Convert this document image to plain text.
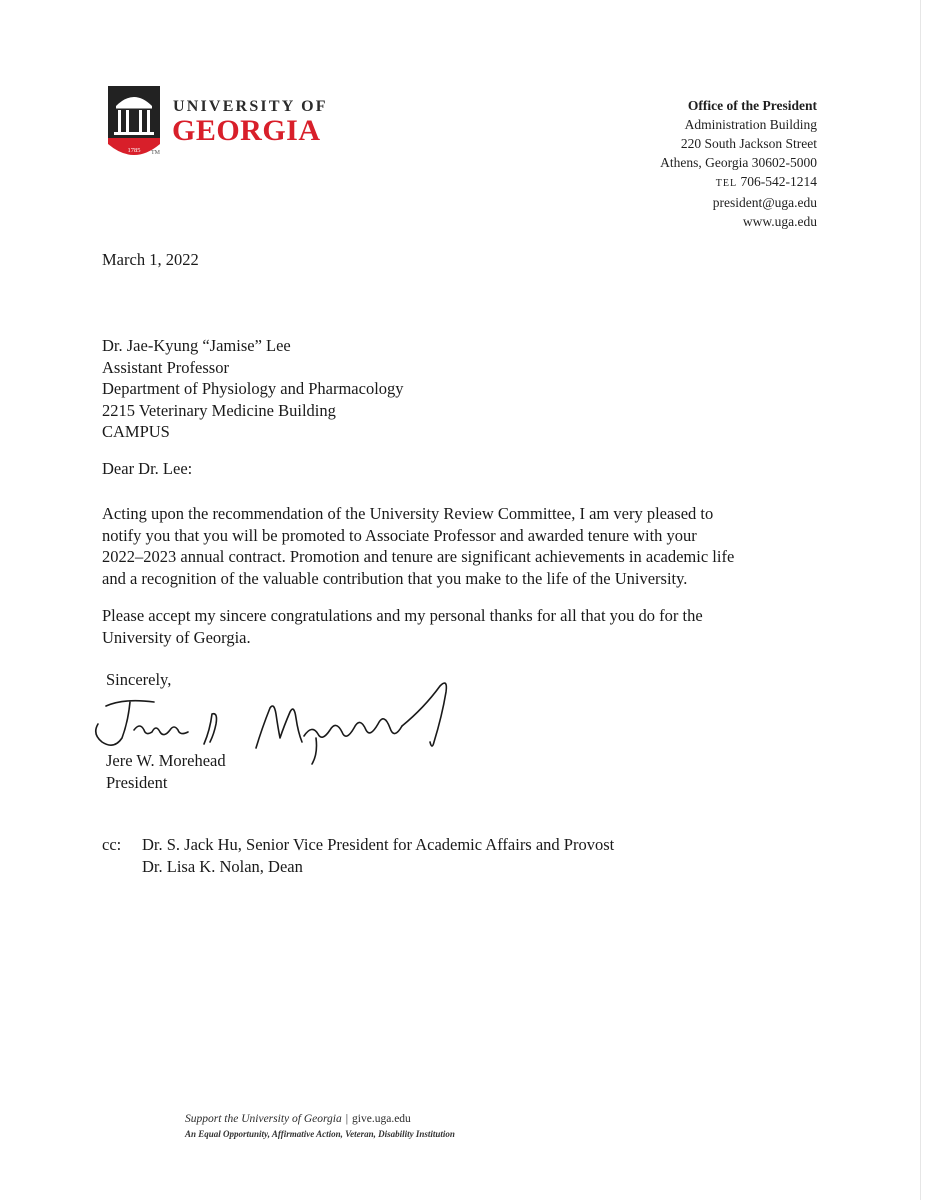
1785 TM
UNIVERSITY OF
GEORGIA
Office of the President
Administration Building
220 South Jackson Street
Athens, Georgia 30602-5000
TEL 706-542-1214
president@uga.edu
www.uga.edu
March 1, 2022
Dr. Jae-Kyung “Jamise” Lee
Assistant Professor
Department of Physiology and Pharmacology
2215 Veterinary Medicine Building
CAMPUS
Dear Dr. Lee:
Acting upon the recommendation of the University Review Committee, I am very pleased to
notify you that you will be promoted to Associate Professor and awarded tenure with your
2022–2023 annual contract. Promotion and tenure are significant achievements in academic life
and a recognition of the valuable contribution that you make to the life of the University.
Please accept my sincere congratulations and my personal thanks for all that you do for the
University of Georgia.
Sincerely,
Jere W. Morehead
President
cc: Dr. S. Jack Hu, Senior Vice President for Academic Affairs and Provost
Dr. Lisa K. Nolan, Dean
Support the University of Georgia | give.uga.edu
An Equal Opportunity, Affirmative Action, Veteran, Disability Institution
